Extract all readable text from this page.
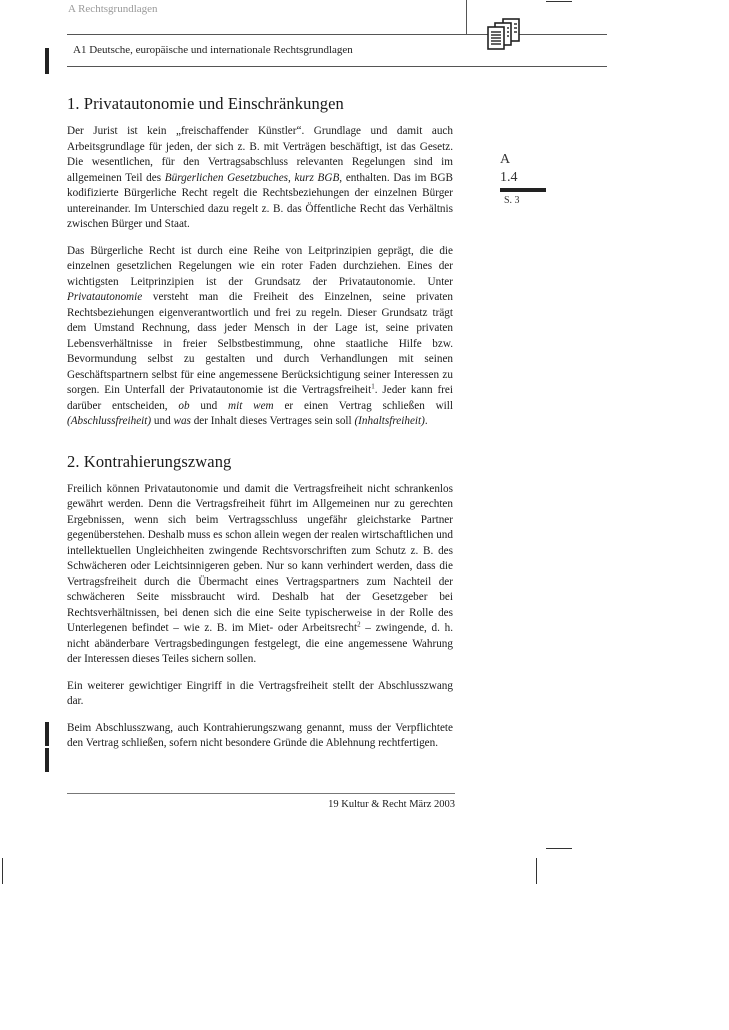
A Rechtsgrundlagen
A1 Deutsche, europäische und internationale Rechtsgrundlagen
A
1.4
S. 3
1. Privatautonomie und Einschränkungen

Der Jurist ist kein „freischaffender Künstler“. Grundlage und damit auch Arbeitsgrundlage für jeden, der sich z. B. mit Verträgen beschäftigt, ist das Gesetz. Die wesentlichen, für den Vertragsabschluss relevanten Regelungen sind im allgemeinen Teil des Bürgerlichen Gesetzbuches, kurz BGB, enthalten. Das im BGB kodifizierte Bürgerliche Recht regelt die Rechtsbeziehungen der einzelnen Bürger untereinander. Im Unterschied dazu regelt z. B. das Öffentliche Recht das Verhältnis zwischen Bürger und Staat.

Das Bürgerliche Recht ist durch eine Reihe von Leitprinzipien geprägt, die die einzelnen gesetzlichen Regelungen wie ein roter Faden durchziehen. Eines der wichtigsten Leitprinzipien ist der Grundsatz der Privatautonomie. Unter Privatautonomie versteht man die Freiheit des Einzelnen, seine privaten Rechtsbeziehungen eigenverantwortlich und frei zu regeln. Dieser Grundsatz trägt dem Umstand Rechnung, dass jeder Mensch in der Lage ist, seine privaten Lebensverhältnisse in freier Selbstbestimmung, ohne staatliche Hilfe bzw. Bevormundung selbst zu gestalten und durch Verhandlungen mit seinen Geschäftspartnern selbst für eine angemessene Berücksichtigung seiner Interessen zu sorgen. Ein Unterfall der Privatautonomie ist die Vertragsfreiheit$^1$. Jeder kann frei darüber entscheiden, ob und mit wem er einen Vertrag schließen will (Abschlussfreiheit) und was der Inhalt dieses Vertrages sein soll (Inhaltsfreiheit).

2. Kontrahierungszwang

Freilich können Privatautonomie und damit die Vertragsfreiheit nicht schrankenlos gewährt werden. Denn die Vertragsfreiheit führt im Allgemeinen nur zu gerechten Ergebnissen, wenn sich beim Vertragsschluss ungefähr gleichstarke Partner gegenüberstehen. Deshalb muss es schon allein wegen der realen wirtschaftlichen und intellektuellen Ungleichheiten zwingende Rechtsvorschriften zum Schutz z. B. des Schwächeren oder Leichtsinnigeren geben. Nur so kann verhindert werden, dass die Vertragsfreiheit durch die Übermacht eines Vertragspartners zum Nachteil der schwächeren Seite missbraucht wird. Deshalb hat der Gesetzgeber bei Rechtsverhältnissen, bei denen sich die eine Seite typischerweise in der Rolle des Unterlegenen befindet – wie z. B. im Miet- oder Arbeitsrecht$^2$ – zwingende, d. h. nicht abänderbare Vertragsbedingungen festgelegt, die eine angemessene Wahrung der Interessen dieses Teiles sichern sollen.

Ein weiterer gewichtiger Eingriff in die Vertragsfreiheit stellt der Abschlusszwang dar.

Beim Abschlusszwang, auch Kontrahierungszwang genannt, muss der Verpflichtete den Vertrag schließen, sofern nicht besondere Gründe die Ablehnung rechtfertigen.

19 Kultur & Recht März 2003
